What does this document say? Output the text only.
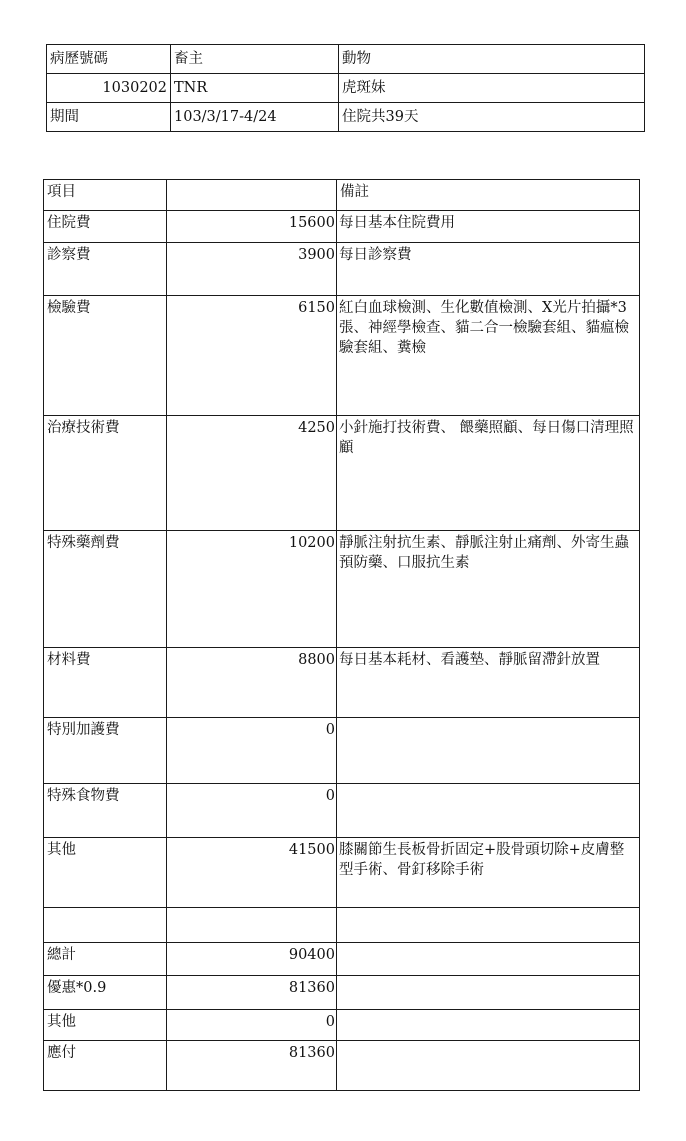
病歷號碼	畜主	動物
1030202	TNR	虎斑妹
期間	103/3/17-4/24	住院共39天
項目		備註
住院費	15600	每日基本住院費用
診察費	3900	每日診察費
檢驗費	6150	紅白血球檢測、生化數值檢測、X光片拍攝*3張、神經學檢查、貓二合一檢驗套組、貓瘟檢驗套組、糞檢
治療技術費	4250	小針施打技術費、 餵藥照顧、每日傷口清理照顧
特殊藥劑費	10200	靜脈注射抗生素、靜脈注射止痛劑、外寄生蟲預防藥、口服抗生素
材料費	8800	每日基本耗材、看護墊、靜脈留滯針放置
特別加護費	0	
特殊食物費	0	
其他	41500	膝關節生長板骨折固定+股骨頭切除+皮膚整型手術、骨釘移除手術

總計	90400	
優惠*0.9	81360	
其他	0	
應付	81360	
